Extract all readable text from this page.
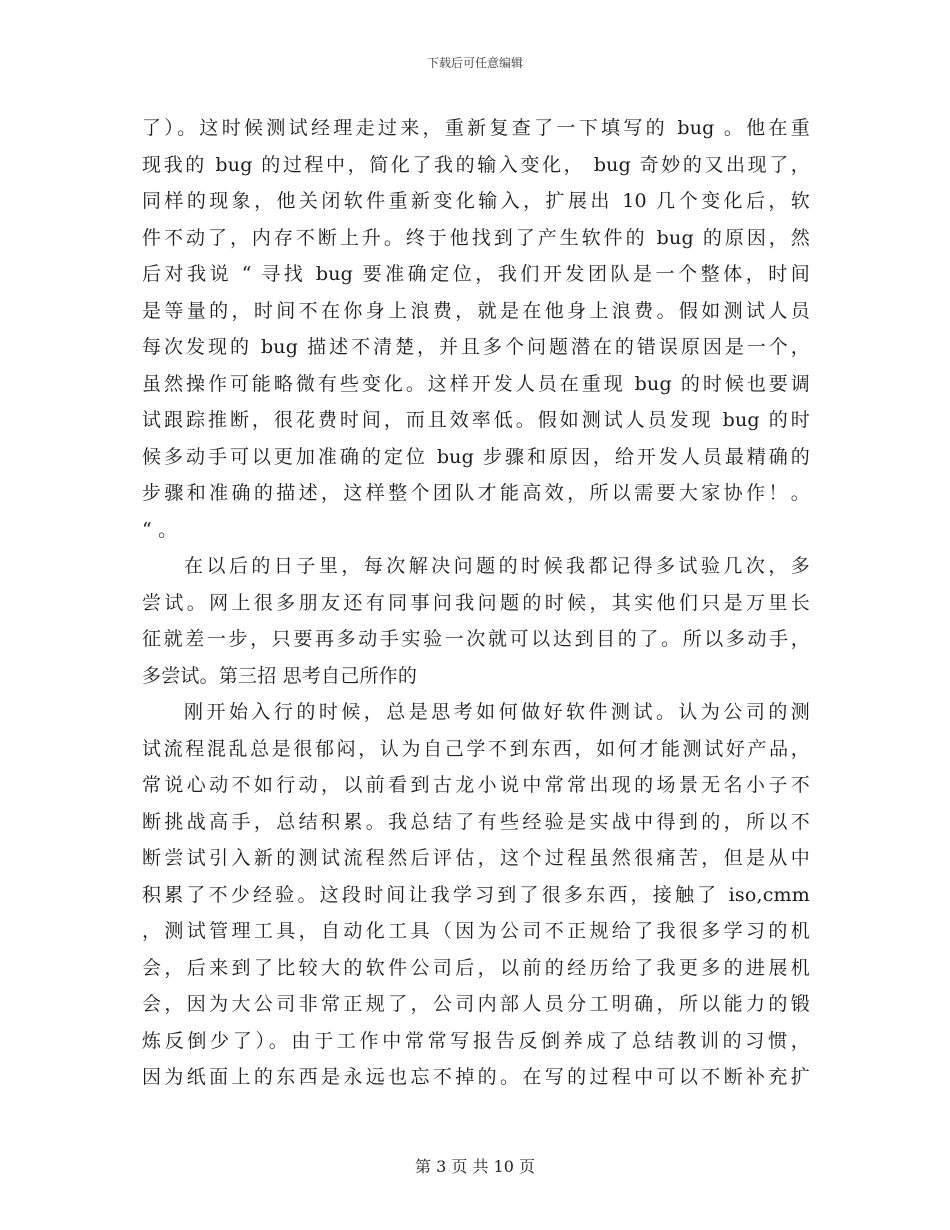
下载后可任意编辑
了）。这时候测试经理走过来，重新复查了一下填写的 bug 。他在重
现我的 bug 的过程中，简化了我的输入变化， bug 奇妙的又出现了，
同样的现象，他关闭软件重新变化输入，扩展出 10 几个变化后，软
件不动了，内存不断上升。终于他找到了产生软件的 bug 的原因，然
后对我说 “ 寻找 bug 要准确定位，我们开发团队是一个整体，时间
是等量的，时间不在你身上浪费，就是在他身上浪费。假如测试人员
每次发现的 bug 描述不清楚，并且多个问题潜在的错误原因是一个，
虽然操作可能略微有些变化。这样开发人员在重现 bug 的时候也要调
试跟踪推断，很花费时间，而且效率低。假如测试人员发现 bug 的时
候多动手可以更加准确的定位 bug 步骤和原因，给开发人员最精确的
步骤和准确的描述，这样整个团队才能高效，所以需要大家协作！。
“ 。
在以后的日子里，每次解决问题的时候我都记得多试验几次，多
尝试。网上很多朋友还有同事问我问题的时候，其实他们只是万里长
征就差一步，只要再多动手实验一次就可以达到目的了。所以多动手，
多尝试。第三招 思考自己所作的
刚开始入行的时候，总是思考如何做好软件测试。认为公司的测
试流程混乱总是很郁闷，认为自己学不到东西，如何才能测试好产品，
常说心动不如行动，以前看到古龙小说中常常出现的场景无名小子不
断挑战高手，总结积累。我总结了有些经验是实战中得到的，所以不
断尝试引入新的测试流程然后评估，这个过程虽然很痛苦，但是从中
积累了不少经验。这段时间让我学习到了很多东西，接触了 iso,cmm
，测试管理工具，自动化工具（因为公司不正规给了我很多学习的机
会，后来到了比较大的软件公司后，以前的经历给了我更多的进展机
会，因为大公司非常正规了，公司内部人员分工明确，所以能力的锻
炼反倒少了）。由于工作中常常写报告反倒养成了总结教训的习惯，
因为纸面上的东西是永远也忘不掉的。在写的过程中可以不断补充扩
第 3 页 共 10 页
